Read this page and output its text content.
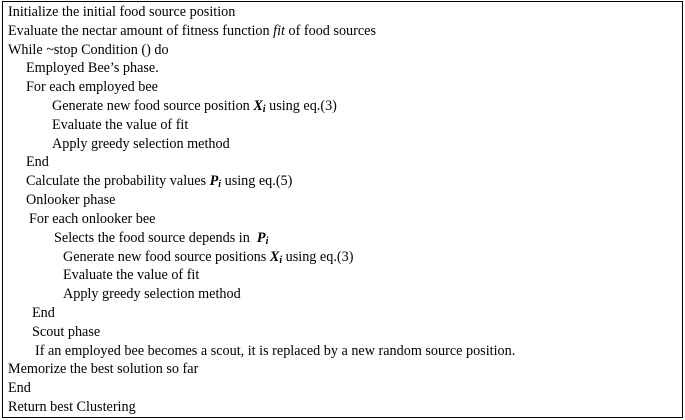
Initialize the initial food source position
Evaluate the nectar amount of fitness function fit of food sources
While ~stop Condition () do
Employed Bee’s phase.
For each employed bee
Generate new food source position $X_i$ using eq.(3)
Evaluate the value of fit
Apply greedy selection method
End
Calculate the probability values $P_i$ using eq.(5)
Onlooker phase
For each onlooker bee
Selects the food source depends in  $P_i$
Generate new food source positions $X_i$ using eq.(3)
Evaluate the value of fit
Apply greedy selection method
End
Scout phase
If an employed bee becomes a scout, it is replaced by a new random source position.
Memorize the best solution so far
End
Return best Clustering
